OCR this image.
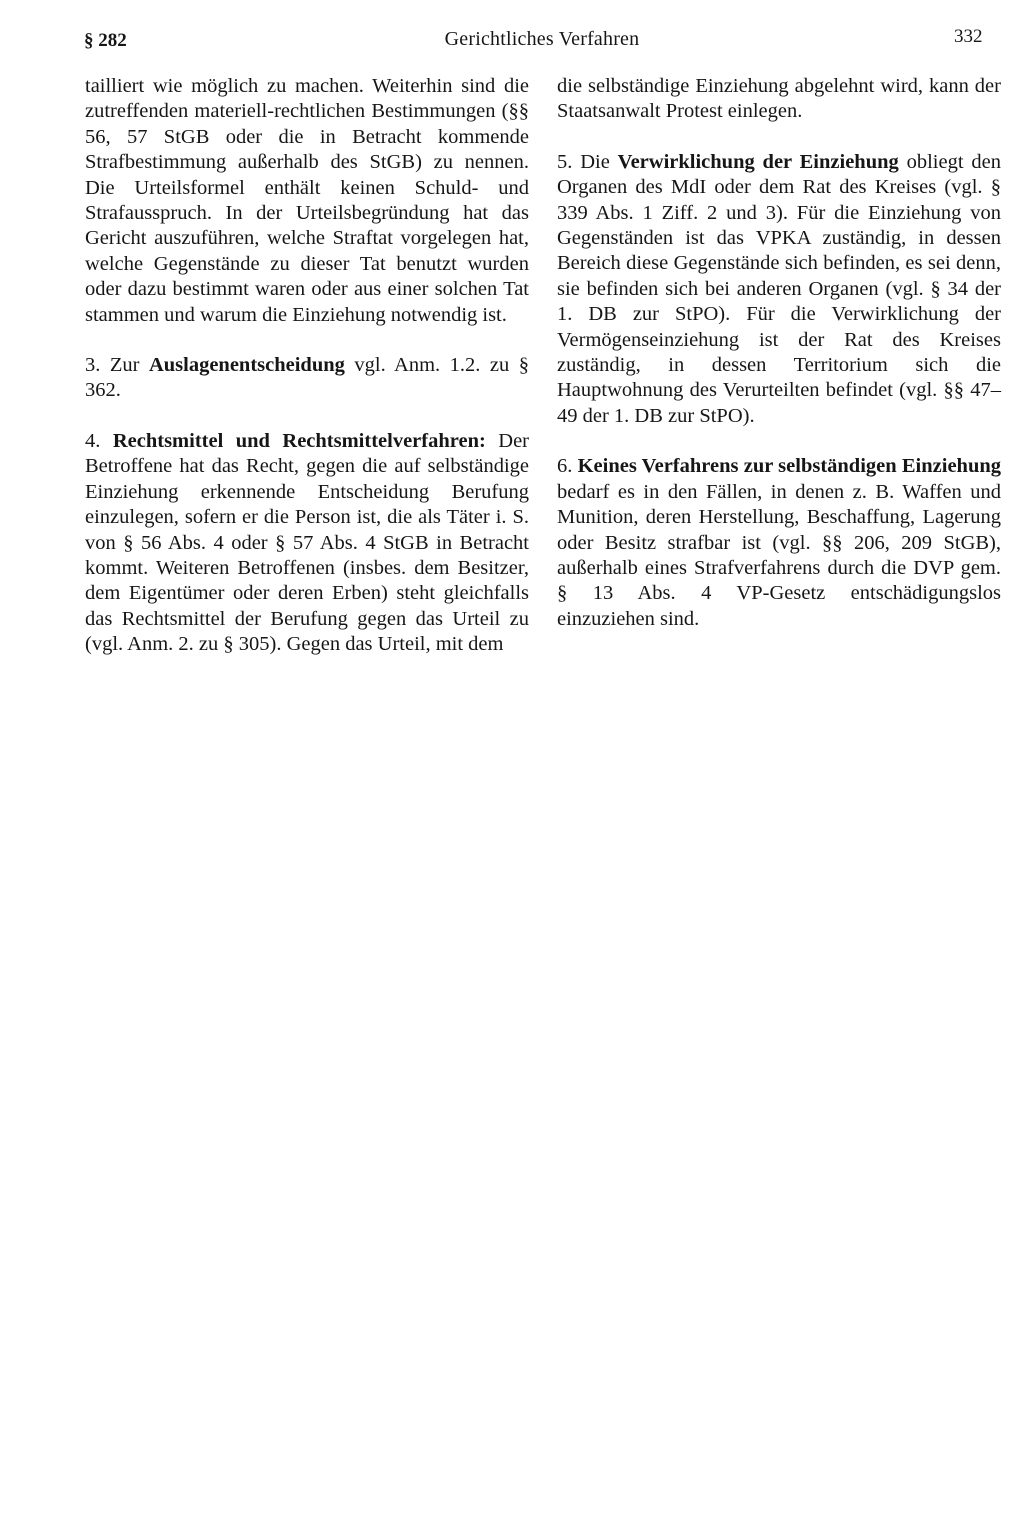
§ 282	Gerichtliches Verfahren	332

tailliert wie möglich zu machen. Weiterhin sind die zutreffenden materiell-rechtlichen Bestimmungen (§§ 56, 57 StGB oder die in Betracht kommende Strafbestimmung außerhalb des StGB) zu nennen. Die Urteilsformel enthält keinen Schuld- und Strafausspruch. In der Urteilsbegründung hat das Gericht auszuführen, welche Straftat vorgelegen hat, welche Gegenstände zu dieser Tat benutzt wurden oder dazu bestimmt waren oder aus einer solchen Tat stammen und warum die Einziehung notwendig ist.

3. Zur Auslagenentscheidung vgl. Anm. 1.2. zu § 362.

4. Rechtsmittel und Rechtsmittelverfahren: Der Betroffene hat das Recht, gegen die auf selbständige Einziehung erkennende Entscheidung Berufung einzulegen, sofern er die Person ist, die als Täter i. S. von § 56 Abs. 4 oder § 57 Abs. 4 StGB in Betracht kommt. Weiteren Betroffenen (insbes. dem Besitzer, dem Eigentümer oder deren Erben) steht gleichfalls das Rechtsmittel der Berufung gegen das Urteil zu (vgl. Anm. 2. zu § 305). Gegen das Urteil, mit dem

die selbständige Einziehung abgelehnt wird, kann der Staatsanwalt Protest einlegen.

5. Die Verwirklichung der Einziehung obliegt den Organen des MdI oder dem Rat des Kreises (vgl. § 339 Abs. 1 Ziff. 2 und 3). Für die Einziehung von Gegenständen ist das VPKA zuständig, in dessen Bereich diese Gegenstände sich befinden, es sei denn, sie befinden sich bei anderen Organen (vgl. § 34 der 1. DB zur StPO). Für die Verwirklichung der Vermögenseinziehung ist der Rat des Kreises zuständig, in dessen Territorium sich die Hauptwohnung des Verurteilten befindet (vgl. §§ 47–49 der 1. DB zur StPO).

6. Keines Verfahrens zur selbständigen Einziehung bedarf es in den Fällen, in denen z. B. Waffen und Munition, deren Herstellung, Beschaffung, Lagerung oder Besitz strafbar ist (vgl. §§ 206, 209 StGB), außerhalb eines Strafverfahrens durch die DVP gem. § 13 Abs. 4 VP-Gesetz entschädigungslos einzuziehen sind.
